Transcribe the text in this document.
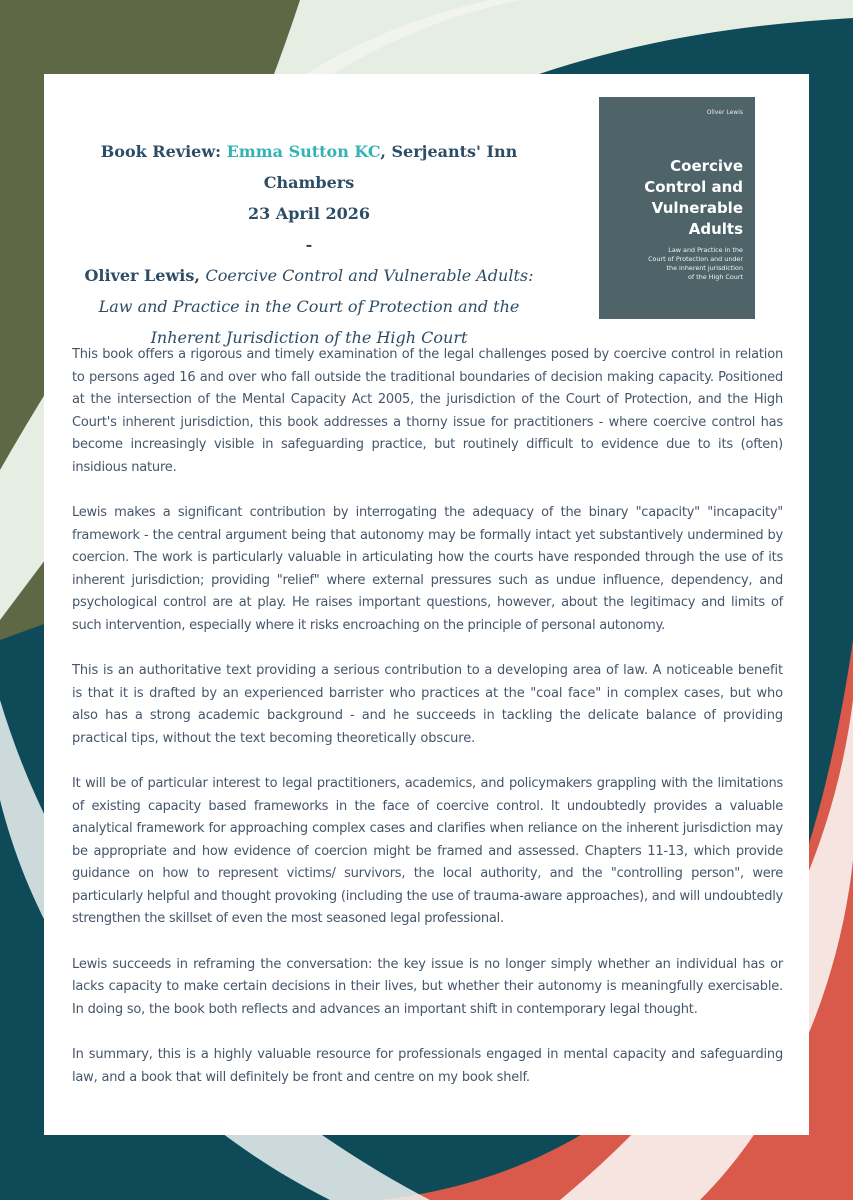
Book Review: Emma Sutton KC, Serjeants' Inn Chambers
23 April 2026
-
Oliver Lewis, Coercive Control and Vulnerable Adults: Law and Practice in the Court of Protection and the Inherent Jurisdiction of the High Court
Oliver Lewis
Coercive
Control and
Vulnerable
Adults
Law and Practice in the
Court of Protection and under
the inherent jurisdiction
of the High Court

This book offers a rigorous and timely examination of the legal challenges posed by coercive control in relation to persons aged 16 and over who fall outside the traditional boundaries of decision making capacity. Positioned at the intersection of the Mental Capacity Act 2005, the jurisdiction of the Court of Protection, and the High Court's inherent jurisdiction, this book addresses a thorny issue for practitioners - where coercive control has become increasingly visible in safeguarding practice, but routinely difficult to evidence due to its (often) insidious nature.

Lewis makes a significant contribution by interrogating the adequacy of the binary "capacity" "incapacity" framework - the central argument being that autonomy may be formally intact yet substantively undermined by coercion. The work is particularly valuable in articulating how the courts have responded through the use of its inherent jurisdiction; providing "relief" where external pressures such as undue influence, dependency, and psychological control are at play. He raises important questions, however, about the legitimacy and limits of such intervention, especially where it risks encroaching on the principle of personal autonomy.

This is an authoritative text providing a serious contribution to a developing area of law. A noticeable benefit is that it is drafted by an experienced barrister who practices at the "coal face" in complex cases, but who also has a strong academic background - and he succeeds in tackling the delicate balance of providing practical tips, without the text becoming theoretically obscure.

It will be of particular interest to legal practitioners, academics, and policymakers grappling with the limitations of existing capacity based frameworks in the face of coercive control. It undoubtedly provides a valuable analytical framework for approaching complex cases and clarifies when reliance on the inherent jurisdiction may be appropriate and how evidence of coercion might be framed and assessed. Chapters 11-13, which provide guidance on how to represent victims/ survivors, the local authority, and the "controlling person", were particularly helpful and thought provoking (including the use of trauma-aware approaches), and will undoubtedly strengthen the skillset of even the most seasoned legal professional.

Lewis succeeds in reframing the conversation: the key issue is no longer simply whether an individual has or lacks capacity to make certain decisions in their lives, but whether their autonomy is meaningfully exercisable. In doing so, the book both reflects and advances an important shift in contemporary legal thought.

In summary, this is a highly valuable resource for professionals engaged in mental capacity and safeguarding law, and a book that will definitely be front and centre on my book shelf.
